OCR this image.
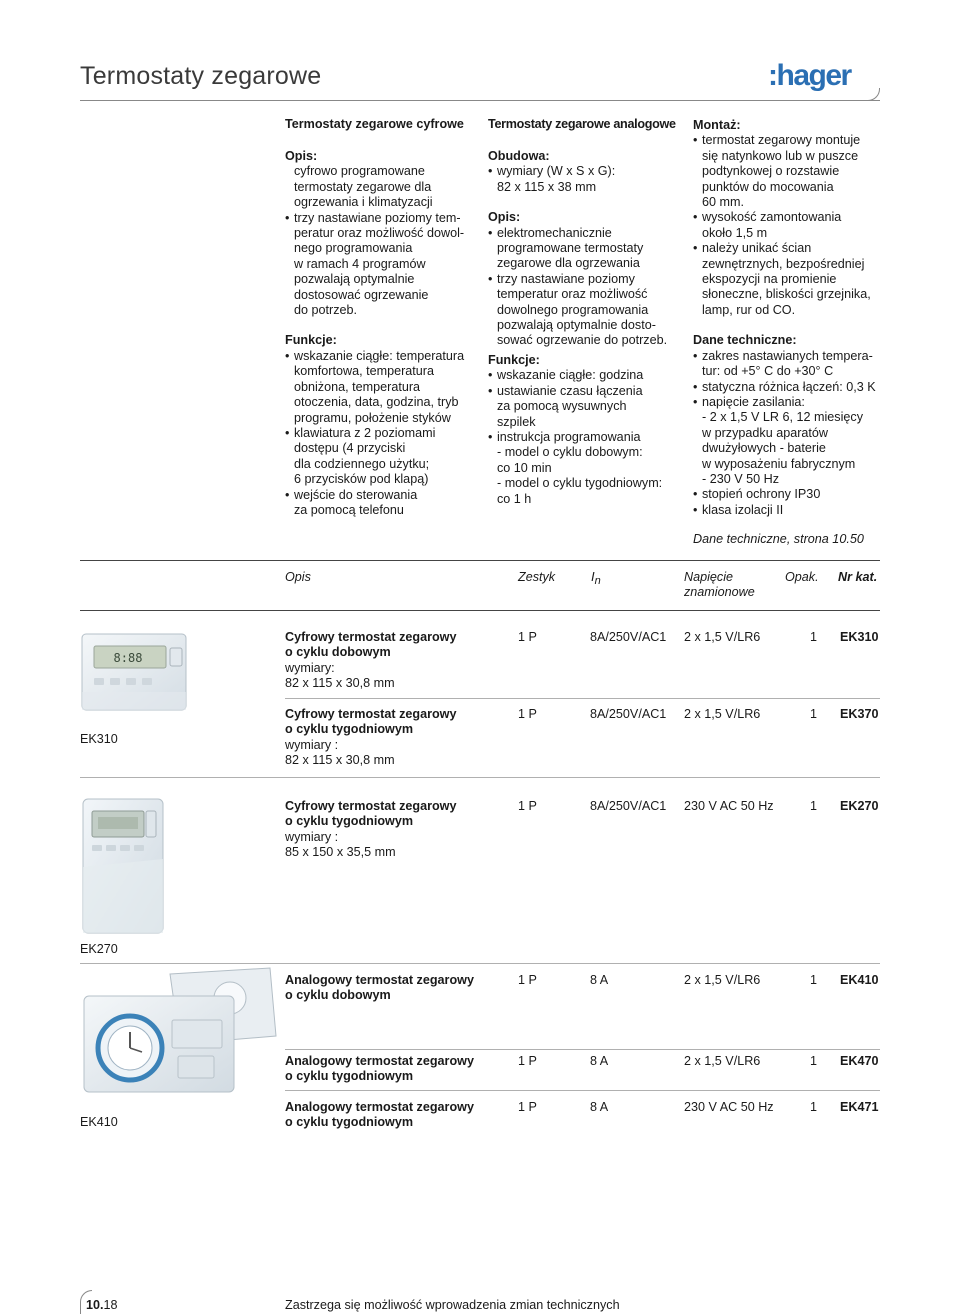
Termostaty zegarowe	:hager
Termostaty zegarowe cyfrowe
Opis:
cyfrowo programowane
termostaty zegarowe dla
ogrzewania i klimatyzacji
• trzy nastawiane poziomy tem-
peratur oraz możliwość dowol-
nego programowania
w ramach 4 programów
pozwalają optymalnie
dostosować ogrzewanie
do potrzeb.
Funkcje:
• wskazanie ciągłe: temperatura
komfortowa, temperatura
obniżona, temperatura
otoczenia, data, godzina, tryb
programu, położenie styków
• klawiatura z 2 poziomami
dostępu (4 przyciski
dla codziennego użytku;
6 przycisków pod klapą)
• wejście do sterowania
za pomocą telefonu
Termostaty zegarowe analogowe
Obudowa:
• wymiary (W x S x G):
82 x 115 x 38 mm
Opis:
• elektromechanicznie
programowane termostaty
zegarowe dla ogrzewania
• trzy nastawiane poziomy
temperatur oraz możliwość
dowolnego programowania
pozwalają optymalnie dosto-
sować ogrzewanie do potrzeb.
Funkcje:
• wskazanie ciągłe: godzina
• ustawianie czasu łączenia
za pomocą wysuwnych
szpilek
• instrukcja programowania
- model o cyklu dobowym:
co 10 min
- model o cyklu tygodniowym:
co 1 h
Montaż:
• termostat zegarowy montuje
się natynkowo lub w puszce
podtynkowej o rozstawie
punktów do mocowania
60 mm.
• wysokość zamontowania
około 1,5 m
• należy unikać ścian
zewnętrznych, bezpośredniej
ekspozycji na promienie
słoneczne, bliskości grzejnika,
lamp, rur od CO.
Dane techniczne:
• zakres nastawianych tempera-
tur: od +5° C do +30° C
• statyczna różnica łączeń: 0,3 K
• napięcie zasilania:
- 2 x 1,5 V LR 6, 12 miesięcy
w przypadku aparatów
dwużyłowych - baterie
w wyposażeniu fabrycznym
- 230 V 50 Hz
• stopień ochrony IP30
• klasa izolacji II
Dane techniczne, strona 10.50
Opis	Zestyk	$I_n$	Napięcie
znamionowe
Opak. Nr kat.
Cyfrowy termostat zegarowy
o cyklu dobowym
wymiary:
82 x 115 x 30,8 mm
1 P	8A/250V/AC1 2 x 1,5 V/LR6	1 EK310
Cyfrowy termostat zegarowy
o cyklu tygodniowym
wymiary :
82 x 115 x 30,8 mm
1 P	8A/250V/AC1 2 x 1,5 V/LR6	1 EK370
EK310
Cyfrowy termostat zegarowy
o cyklu tygodniowym
wymiary :
85 x 150 x 35,5 mm
1 P	8A/250V/AC1 230 V AC 50 Hz	1 EK270
EK270
Analogowy termostat zegarowy
o cyklu dobowym
1 P	8 A	2 x 1,5 V/LR6	1 EK410
Analogowy termostat zegarowy
o cyklu tygodniowym
1 P	8 A	2 x 1,5 V/LR6	1 EK470
Analogowy termostat zegarowy
o cyklu tygodniowym
1 P	8 A	230 V AC 50 Hz	1 EK471
EK410
8:88
10.18	Zastrzega się możliwość wprowadzenia zmian technicznych
